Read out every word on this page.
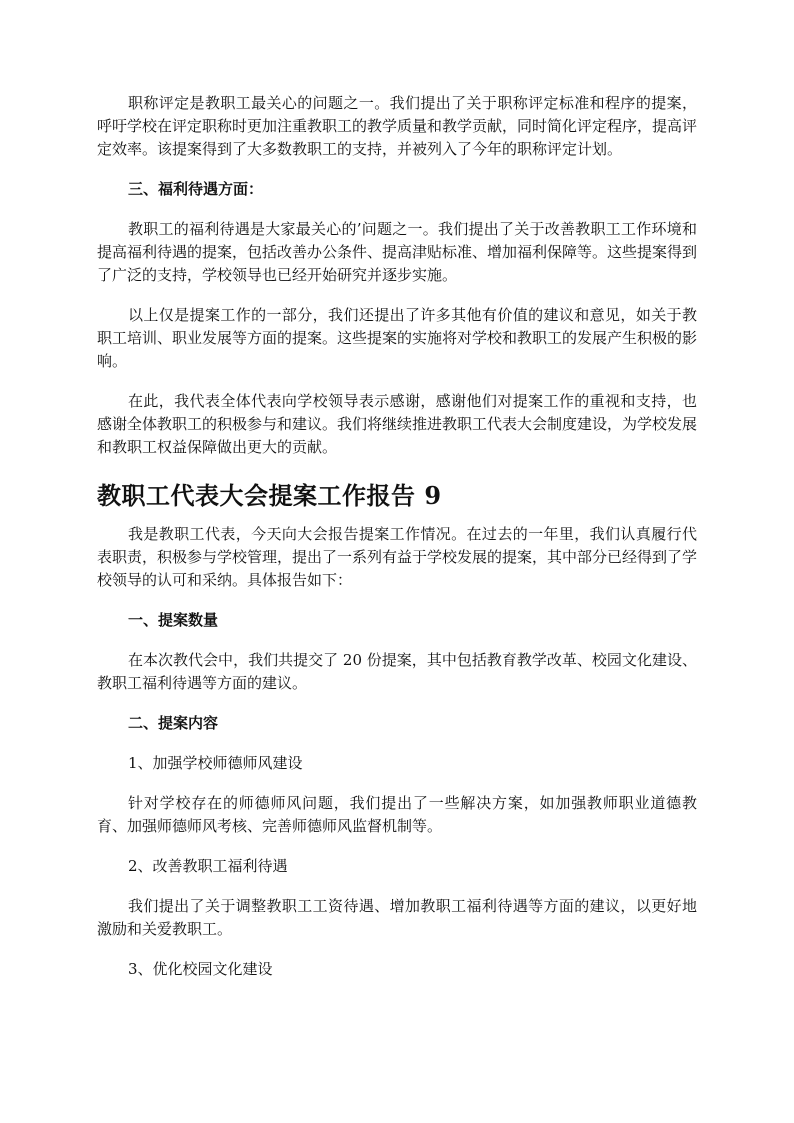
职称评定是教职工最关心的问题之一。我们提出了关于职称评定标准和程序的提案，呼吁学校在评定职称时更加注重教职工的教学质量和教学贡献，同时简化评定程序，提高评定效率。该提案得到了大多数教职工的支持，并被列入了今年的职称评定计划。

三、福利待遇方面：

教职工的福利待遇是大家最关心的’问题之一。我们提出了关于改善教职工工作环境和提高福利待遇的提案，包括改善办公条件、提高津贴标准、增加福利保障等。这些提案得到了广泛的支持，学校领导也已经开始研究并逐步实施。

以上仅是提案工作的一部分，我们还提出了许多其他有价值的建议和意见，如关于教职工培训、职业发展等方面的提案。这些提案的实施将对学校和教职工的发展产生积极的影响。

在此，我代表全体代表向学校领导表示感谢，感谢他们对提案工作的重视和支持，也感谢全体教职工的积极参与和建议。我们将继续推进教职工代表大会制度建设，为学校发展和教职工权益保障做出更大的贡献。

教职工代表大会提案工作报告 9

我是教职工代表，今天向大会报告提案工作情况。在过去的一年里，我们认真履行代表职责，积极参与学校管理，提出了一系列有益于学校发展的提案，其中部分已经得到了学校领导的认可和采纳。具体报告如下：

一、提案数量

在本次教代会中，我们共提交了 20 份提案，其中包括教育教学改革、校园文化建设、教职工福利待遇等方面的建议。

二、提案内容

1、加强学校师德师风建设

针对学校存在的师德师风问题，我们提出了一些解决方案，如加强教师职业道德教育、加强师德师风考核、完善师德师风监督机制等。

2、改善教职工福利待遇

我们提出了关于调整教职工工资待遇、增加教职工福利待遇等方面的建议，以更好地激励和关爱教职工。

3、优化校园文化建设
